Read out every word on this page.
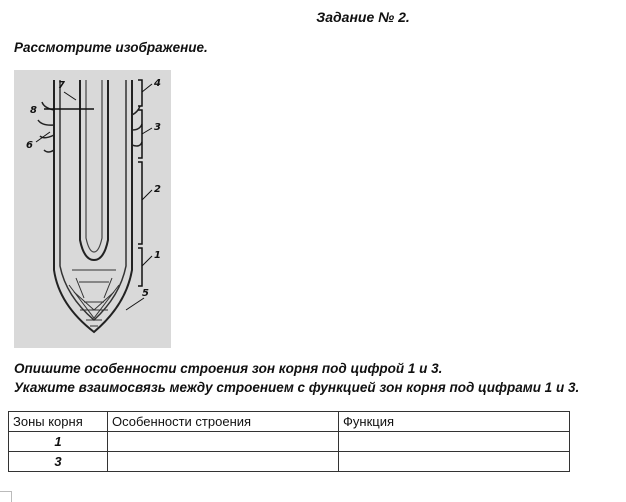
Задание № 2.
Рассмотрите изображение.
7
8
6
4
3
2
1
5
Опишите особенности строения зон корня под цифрой 1 и 3.
Укажите взаимосвязь между строением с функцией зон корня под цифрами 1 и 3.
Зоны корня	Особенности строения	Функция
1		
3		
